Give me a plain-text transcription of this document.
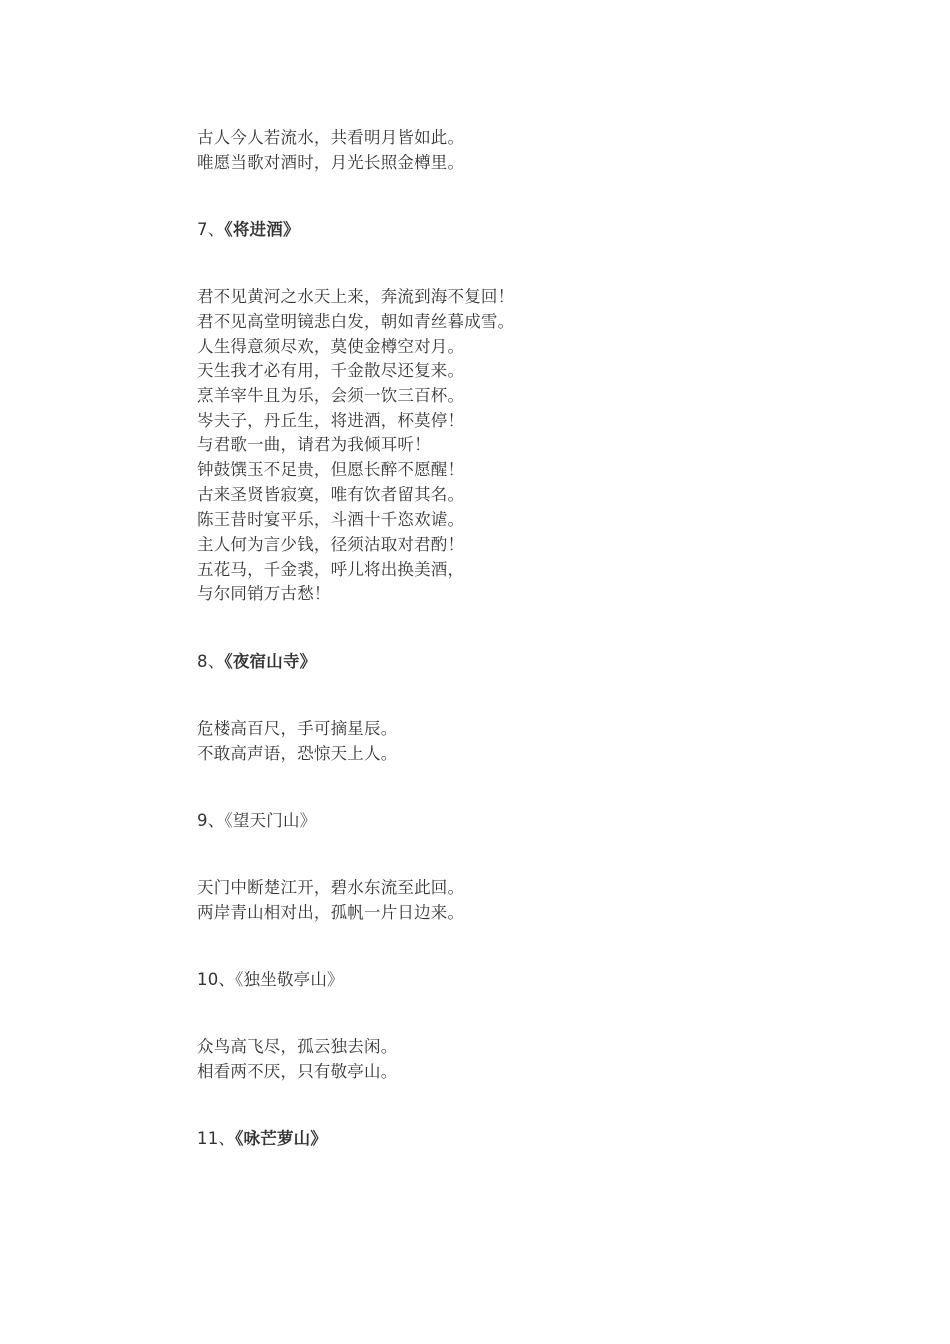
古人今人若流水，共看明月皆如此。
唯愿当歌对酒时，月光长照金樽里。
7、《将进酒》
君不见黄河之水天上来，奔流到海不复回！
君不见高堂明镜悲白发，朝如青丝暮成雪。
人生得意须尽欢，莫使金樽空对月。
天生我才必有用，千金散尽还复来。
烹羊宰牛且为乐，会须一饮三百杯。
岑夫子，丹丘生，将进酒，杯莫停！
与君歌一曲，请君为我倾耳听！
钟鼓馔玉不足贵，但愿长醉不愿醒！
古来圣贤皆寂寞，唯有饮者留其名。
陈王昔时宴平乐，斗酒十千恣欢谑。
主人何为言少钱，径须沽取对君酌！
五花马，千金裘，呼儿将出换美酒，
与尔同销万古愁！
8、《夜宿山寺》
危楼高百尺，手可摘星辰。
不敢高声语，恐惊天上人。
9、《望天门山》
天门中断楚江开，碧水东流至此回。
两岸青山相对出，孤帆一片日边来。
10、《独坐敬亭山》
众鸟高飞尽，孤云独去闲。
相看两不厌，只有敬亭山。
11、《咏芒萝山》
